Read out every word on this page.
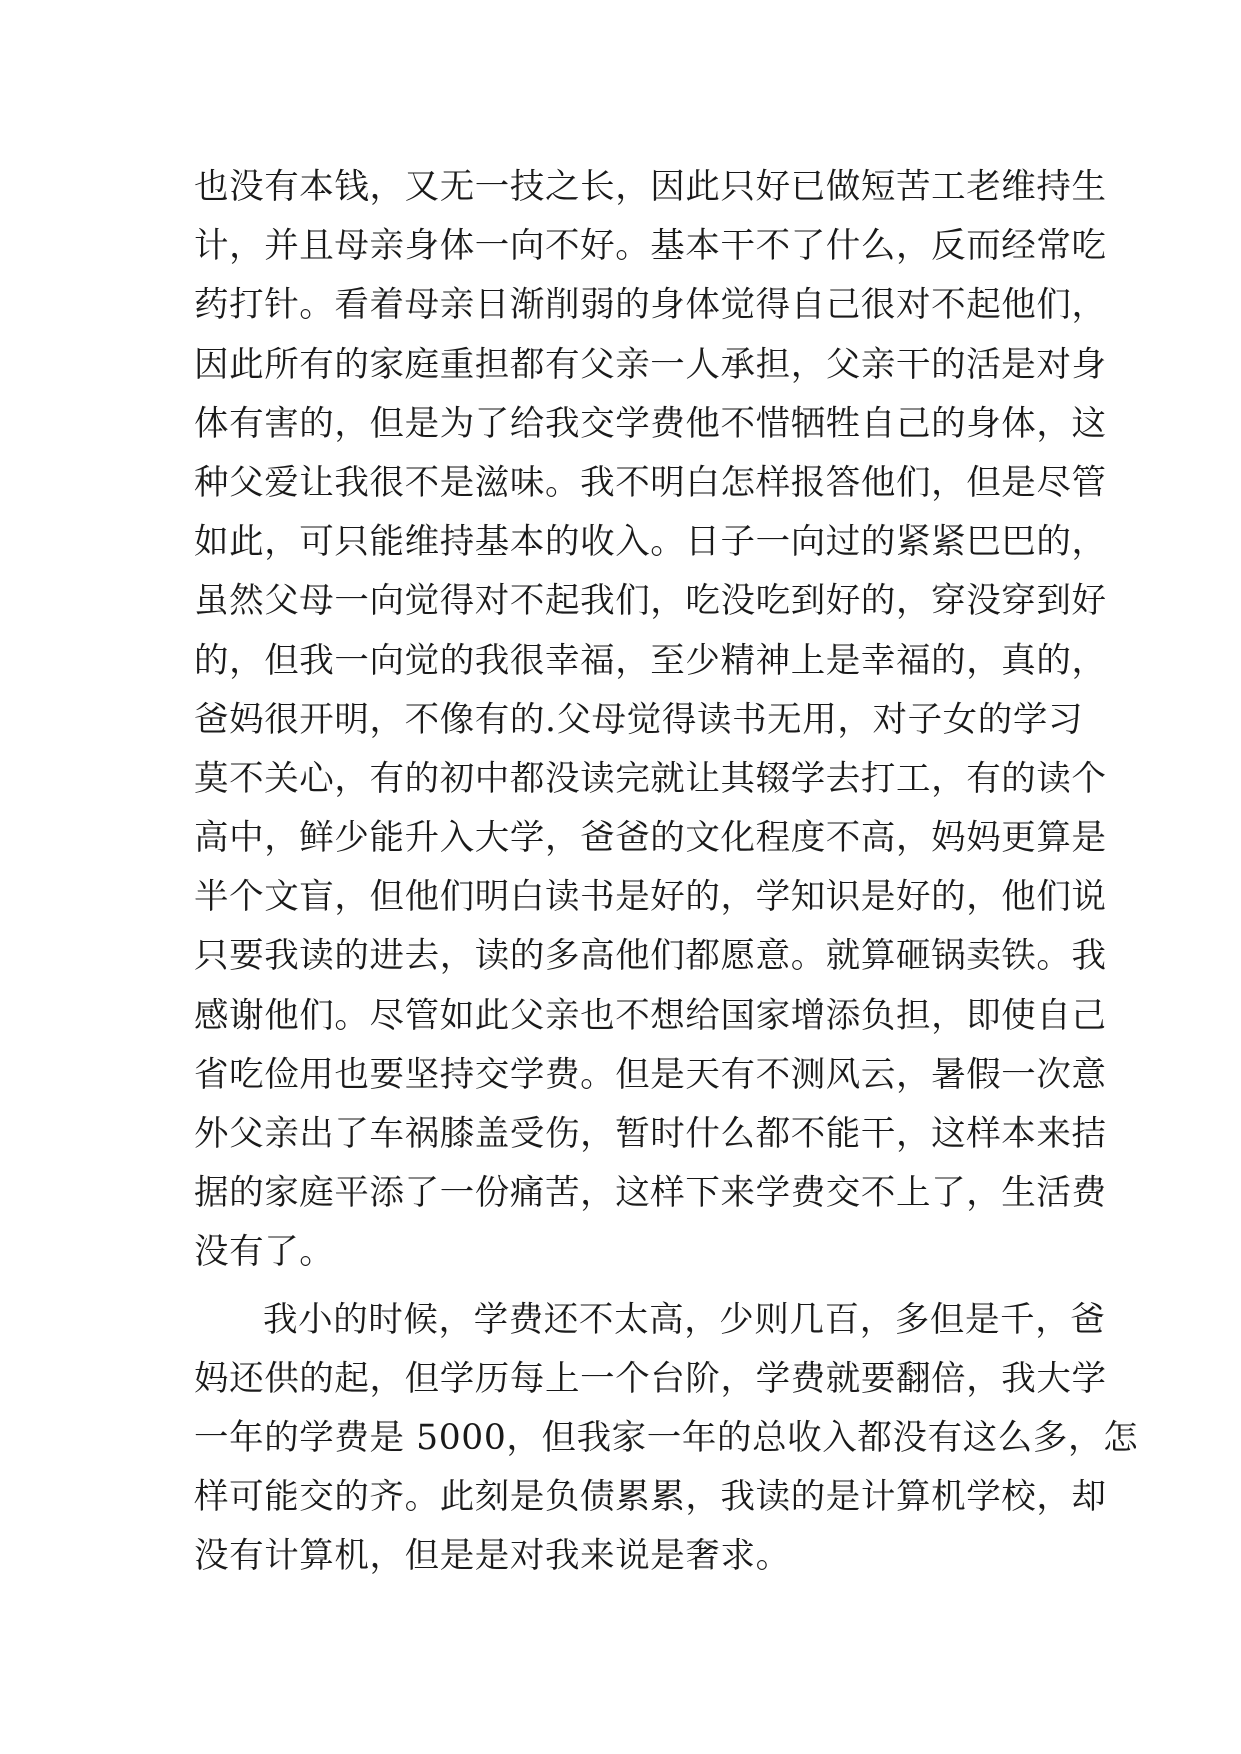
也没有本钱，又无一技之长，因此只好已做短苦工老维持生
计，并且母亲身体一向不好。基本干不了什么，反而经常吃
药打针。看着母亲日渐削弱的身体觉得自己很对不起他们，
因此所有的家庭重担都有父亲一人承担，父亲干的活是对身
体有害的，但是为了给我交学费他不惜牺牲自己的身体，这
种父爱让我很不是滋味。我不明白怎样报答他们，但是尽管
如此，可只能维持基本的收入。日子一向过的紧紧巴巴的，
虽然父母一向觉得对不起我们，吃没吃到好的，穿没穿到好
的，但我一向觉的我很幸福，至少精神上是幸福的，真的，
爸妈很开明，不像有的.父母觉得读书无用，对子女的学习
莫不关心，有的初中都没读完就让其辍学去打工，有的读个
高中，鲜少能升入大学，爸爸的文化程度不高，妈妈更算是
半个文盲，但他们明白读书是好的，学知识是好的，他们说
只要我读的进去，读的多高他们都愿意。就算砸锅卖铁。我
感谢他们。尽管如此父亲也不想给国家增添负担，即使自己
省吃俭用也要坚持交学费。但是天有不测风云，暑假一次意
外父亲出了车祸膝盖受伤，暂时什么都不能干，这样本来拮
据的家庭平添了一份痛苦，这样下来学费交不上了，生活费
没有了。
我小的时候，学费还不太高，少则几百，多但是千，爸
妈还供的起，但学历每上一个台阶，学费就要翻倍，我大学
一年的学费是 5000，但我家一年的总收入都没有这么多，怎
样可能交的齐。此刻是负债累累，我读的是计算机学校，却
没有计算机，但是是对我来说是奢求。
